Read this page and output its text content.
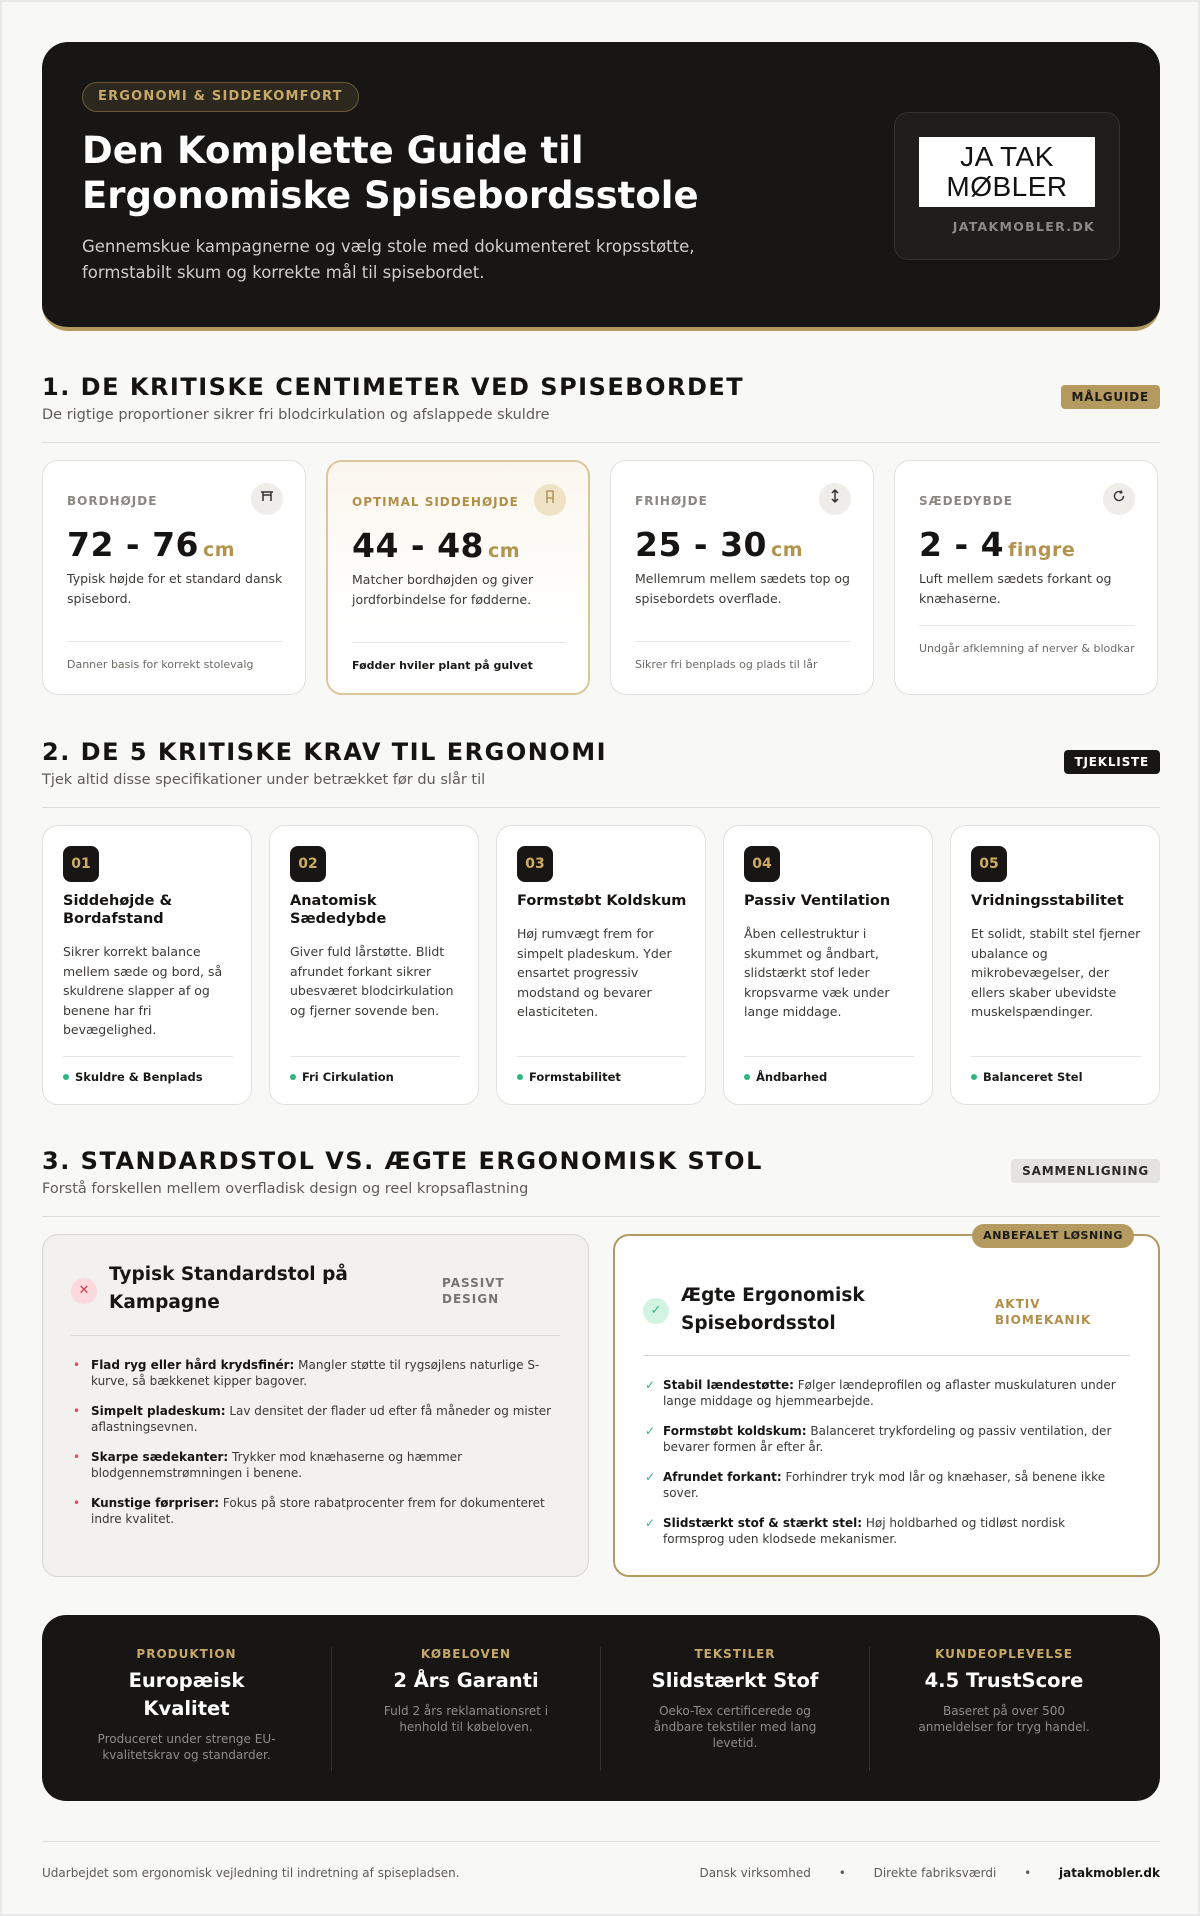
ERGONOMI & SIDDEKOMFORT
Den Komplette Guide til Ergonomiske Spisebordsstole
Gennemskue kampagnerne og vælg stole med dokumenteret kropsstøtte, formstabilt skum og korrekte mål til spisebordet.
JA TAK
MØBLER
JATAKMOBLER.DK
1. DE KRITISKE CENTIMETER VED SPISEBORDET
De rigtige proportioner sikrer fri blodcirkulation og afslappede skuldre
MÅLGUIDE
BORDHØJDE
72 - 76 cm
Typisk højde for et standard dansk spisebord.
Danner basis for korrekt stolevalg
OPTIMAL SIDDEHØJDE
44 - 48 cm
Matcher bordhøjden og giver jordforbindelse for fødderne.
Fødder hviler plant på gulvet
FRIHØJDE
25 - 30 cm
Mellemrum mellem sædets top og spisebordets overflade.
Sikrer fri benplads og plads til lår
SÆDEDYBDE
2 - 4 fingre
Luft mellem sædets forkant og knæhaserne.
Undgår afklemning af nerver & blodkar
2. DE 5 KRITISKE KRAV TIL ERGONOMI
Tjek altid disse specifikationer under betrækket før du slår til
TJEKLISTE
01
Siddehøjde & Bordafstand
Sikrer korrekt balance mellem sæde og bord, så skuldrene slapper af og benene har fri bevægelighed.
Skuldre & Benplads
02
Anatomisk Sædedybde
Giver fuld lårstøtte. Blidt afrundet forkant sikrer ubesværet blodcirkulation og fjerner sovende ben.
Fri Cirkulation
03
Formstøbt Koldskum
Høj rumvægt frem for simpelt pladeskum. Yder ensartet progressiv modstand og bevarer elasticiteten.
Formstabilitet
04
Passiv Ventilation
Åben cellestruktur i skummet og åndbart, slidstærkt stof leder kropsvarme væk under lange middage.
Åndbarhed
05
Vridningsstabilitet
Et solidt, stabilt stel fjerner ubalance og mikrobevægelser, der ellers skaber ubevidste muskelspændinger.
Balanceret Stel
3. STANDARDSTOL VS. ÆGTE ERGONOMISK STOL
Forstå forskellen mellem overfladisk design og reel kropsaflastning
SAMMENLIGNING
✕
Typisk Standardstol på Kampagne
PASSIVT DESIGN
• Flad ryg eller hård krydsfinér: Mangler støtte til rygsøjlens naturlige S-kurve, så bækkenet kipper bagover.
• Simpelt pladeskum: Lav densitet der flader ud efter få måneder og mister aflastningsevnen.
• Skarpe sædekanter: Trykker mod knæhaserne og hæmmer blodgennemstrømningen i benene.
• Kunstige førpriser: Fokus på store rabatprocenter frem for dokumenteret indre kvalitet.
ANBEFALET LØSNING
✓
Ægte Ergonomisk Spisebordsstol
AKTIV BIOMEKANIK
✓ Stabil lændestøtte: Følger lændeprofilen og aflaster muskulaturen under lange middage og hjemmearbejde.
✓ Formstøbt koldskum: Balanceret trykfordeling og passiv ventilation, der bevarer formen år efter år.
✓ Afrundet forkant: Forhindrer tryk mod lår og knæhaser, så benene ikke sover.
✓ Slidstærkt stof & stærkt stel: Høj holdbarhed og tidløst nordisk formsprog uden klodsede mekanismer.
PRODUKTION
Europæisk Kvalitet
Produceret under strenge EU-kvalitetskrav og standarder.
KØBELOVEN
2 Års Garanti
Fuld 2 års reklamationsret i henhold til købeloven.
TEKSTILER
Slidstærkt Stof
Oeko-Tex certificerede og åndbare tekstiler med lang levetid.
KUNDEOPLEVELSE
4.5 TrustScore
Baseret på over 500 anmeldelser for tryg handel.
Udarbejdet som ergonomisk vejledning til indretning af spisepladsen.	Dansk virksomhed • Direkte fabriksværdi • jatakmobler.dk
